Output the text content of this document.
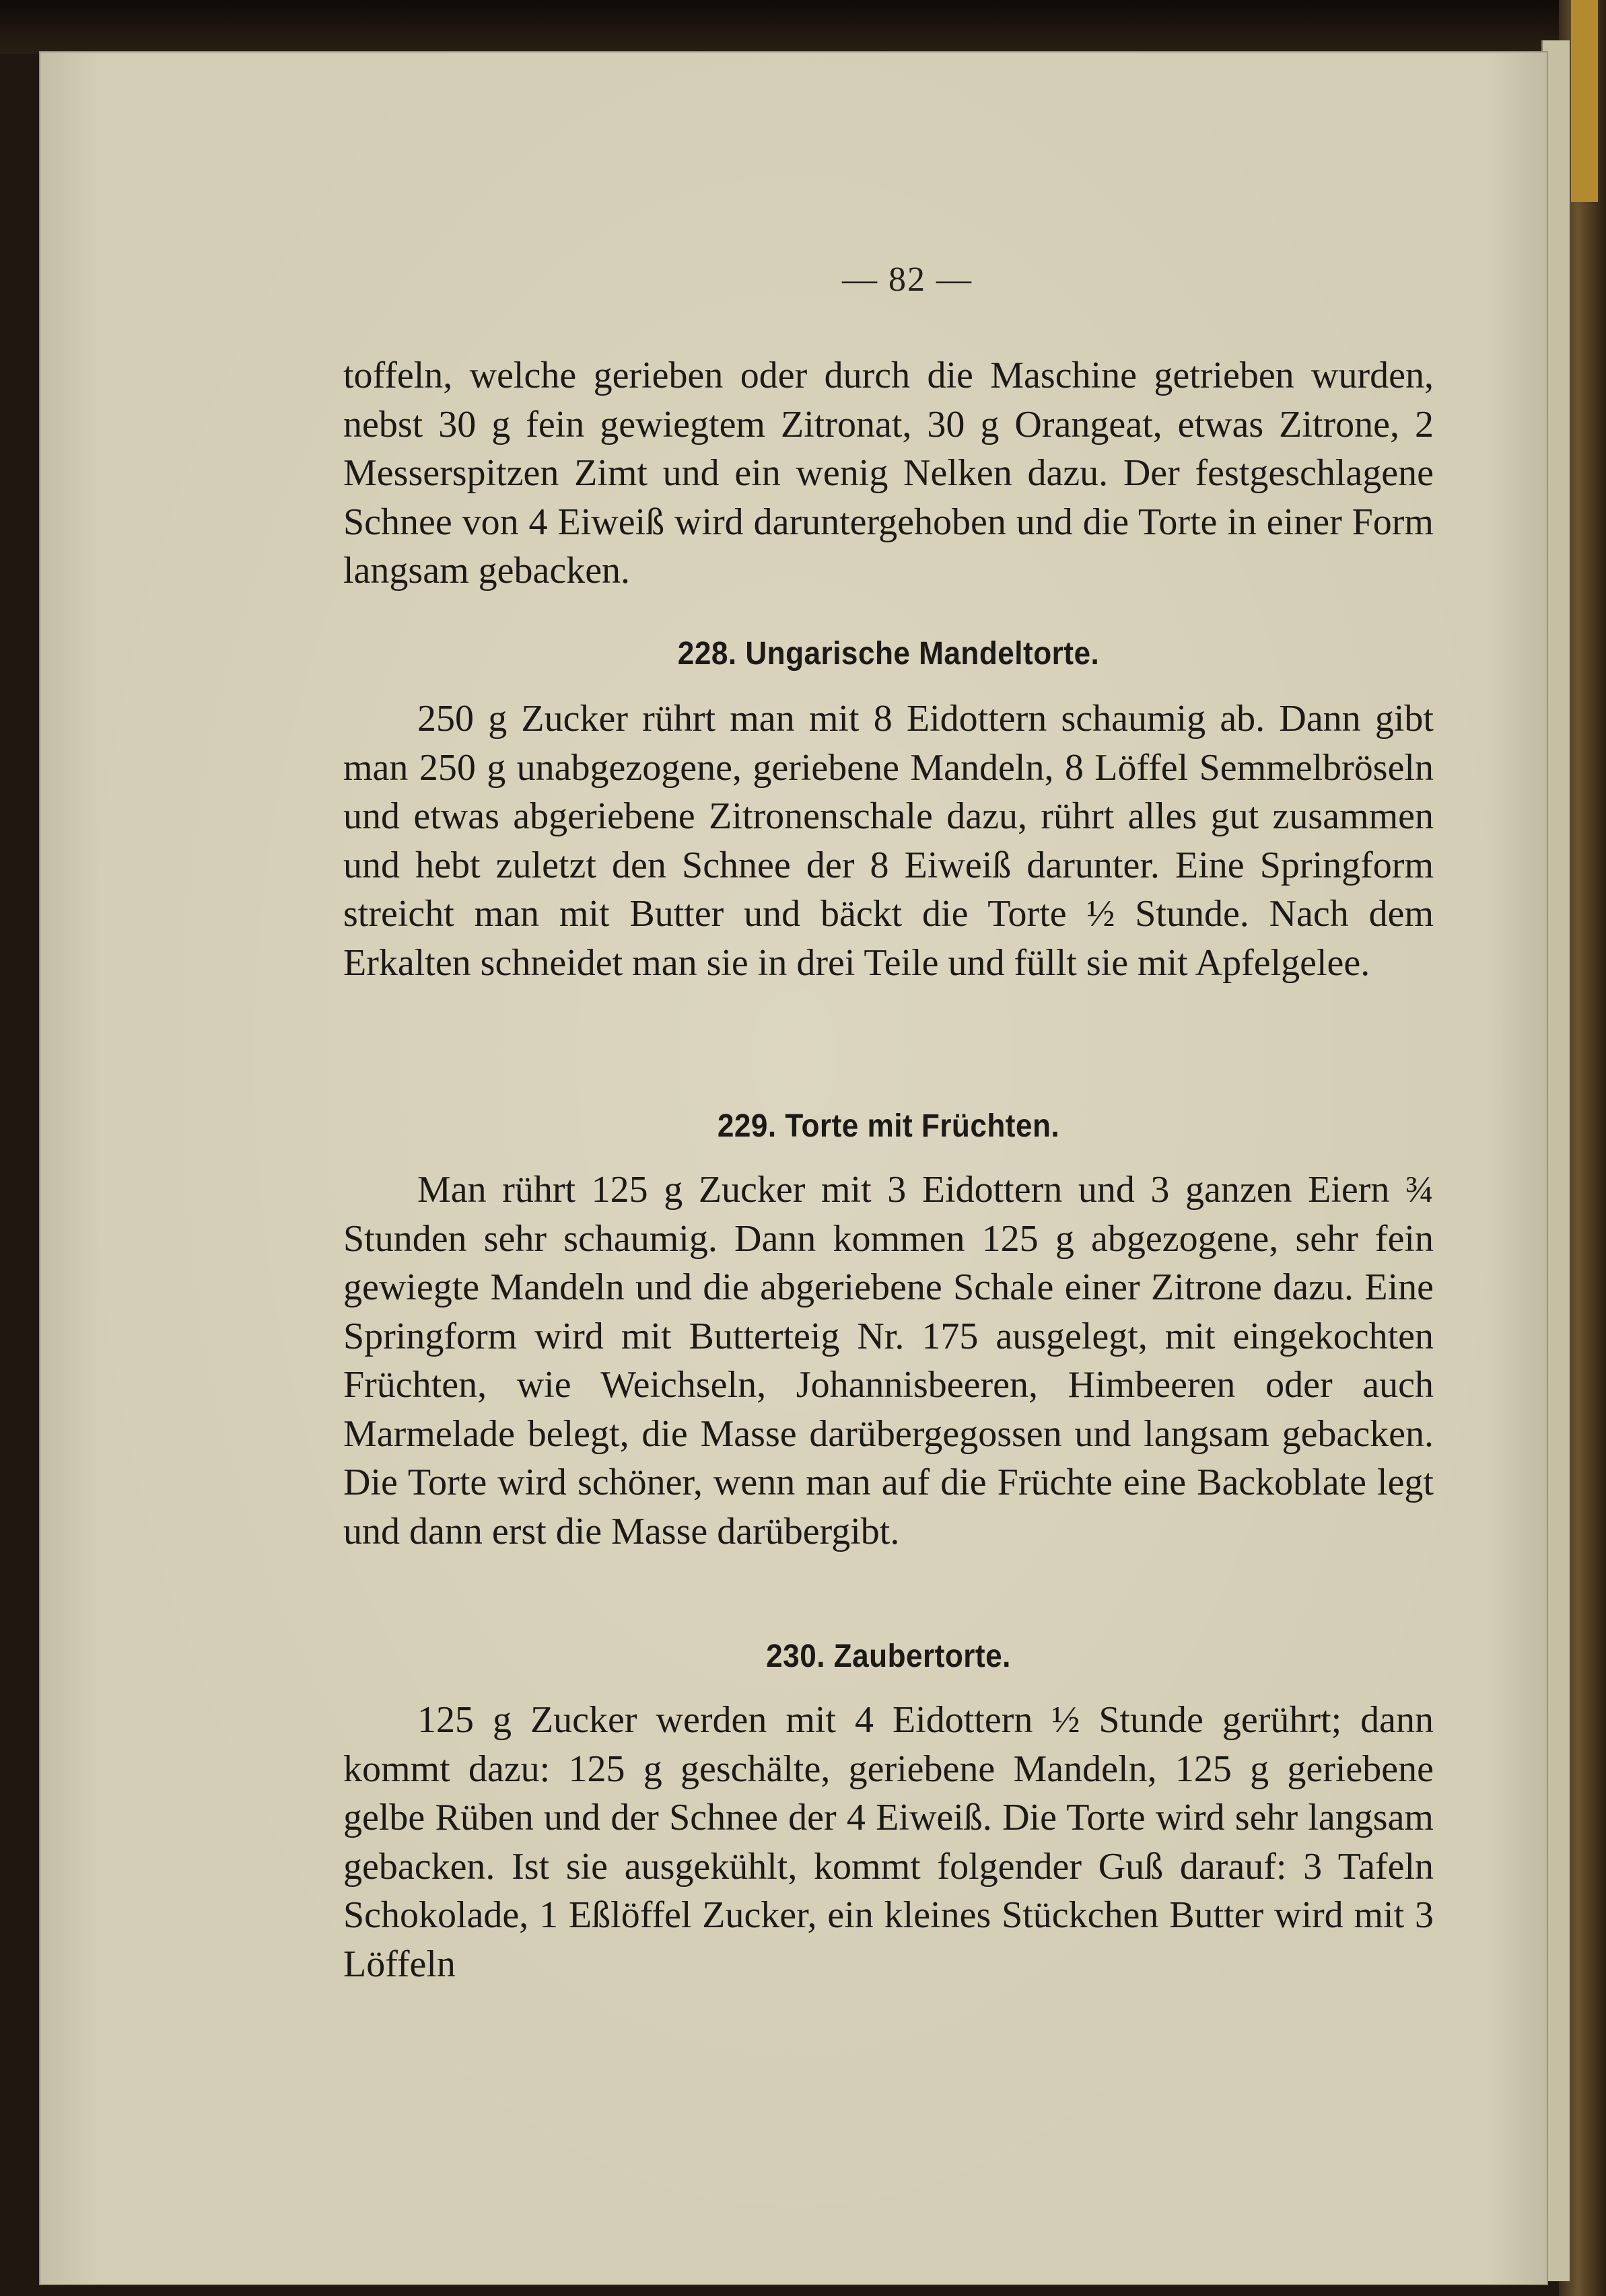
— 82 —

toffeln, welche gerieben oder durch die Maschine getrieben wurden, nebst 30 g fein gewiegtem Zitronat, 30 g Orangeat, etwas Zitrone, 2 Messerspitzen Zimt und ein wenig Nelken dazu. Der festgeschlagene Schnee von 4 Eiweiß wird daruntergehoben und die Torte in einer Form langsam gebacken.

228. Ungarische Mandeltorte.

250 g Zucker rührt man mit 8 Eidottern schaumig ab. Dann gibt man 250 g unabgezogene, geriebene Mandeln, 8 Löffel Semmelbröseln und etwas abgeriebene Zitronenschale dazu, rührt alles gut zusammen und hebt zuletzt den Schnee der 8 Eiweiß darunter. Eine Springform streicht man mit Butter und bäckt die Torte ½ Stunde. Nach dem Erkalten schneidet man sie in drei Teile und füllt sie mit Apfelgelee.

229. Torte mit Früchten.

Man rührt 125 g Zucker mit 3 Eidottern und 3 ganzen Eiern ¾ Stunden sehr schaumig. Dann kommen 125 g abgezogene, sehr fein gewiegte Mandeln und die abgeriebene Schale einer Zitrone dazu. Eine Springform wird mit Butterteig Nr. 175 ausgelegt, mit eingekochten Früchten, wie Weichseln, Johannisbeeren, Himbeeren oder auch Marmelade belegt, die Masse darübergegossen und langsam gebacken. Die Torte wird schöner, wenn man auf die Früchte eine Backoblate legt und dann erst die Masse darübergibt.

230. Zaubertorte.

125 g Zucker werden mit 4 Eidottern ½ Stunde gerührt; dann kommt dazu: 125 g geschälte, geriebene Mandeln, 125 g geriebene gelbe Rüben und der Schnee der 4 Eiweiß. Die Torte wird sehr langsam gebacken. Ist sie ausgekühlt, kommt folgender Guß darauf: 3 Tafeln Schokolade, 1 Eßlöffel Zucker, ein kleines Stückchen Butter wird mit 3 Löffeln
